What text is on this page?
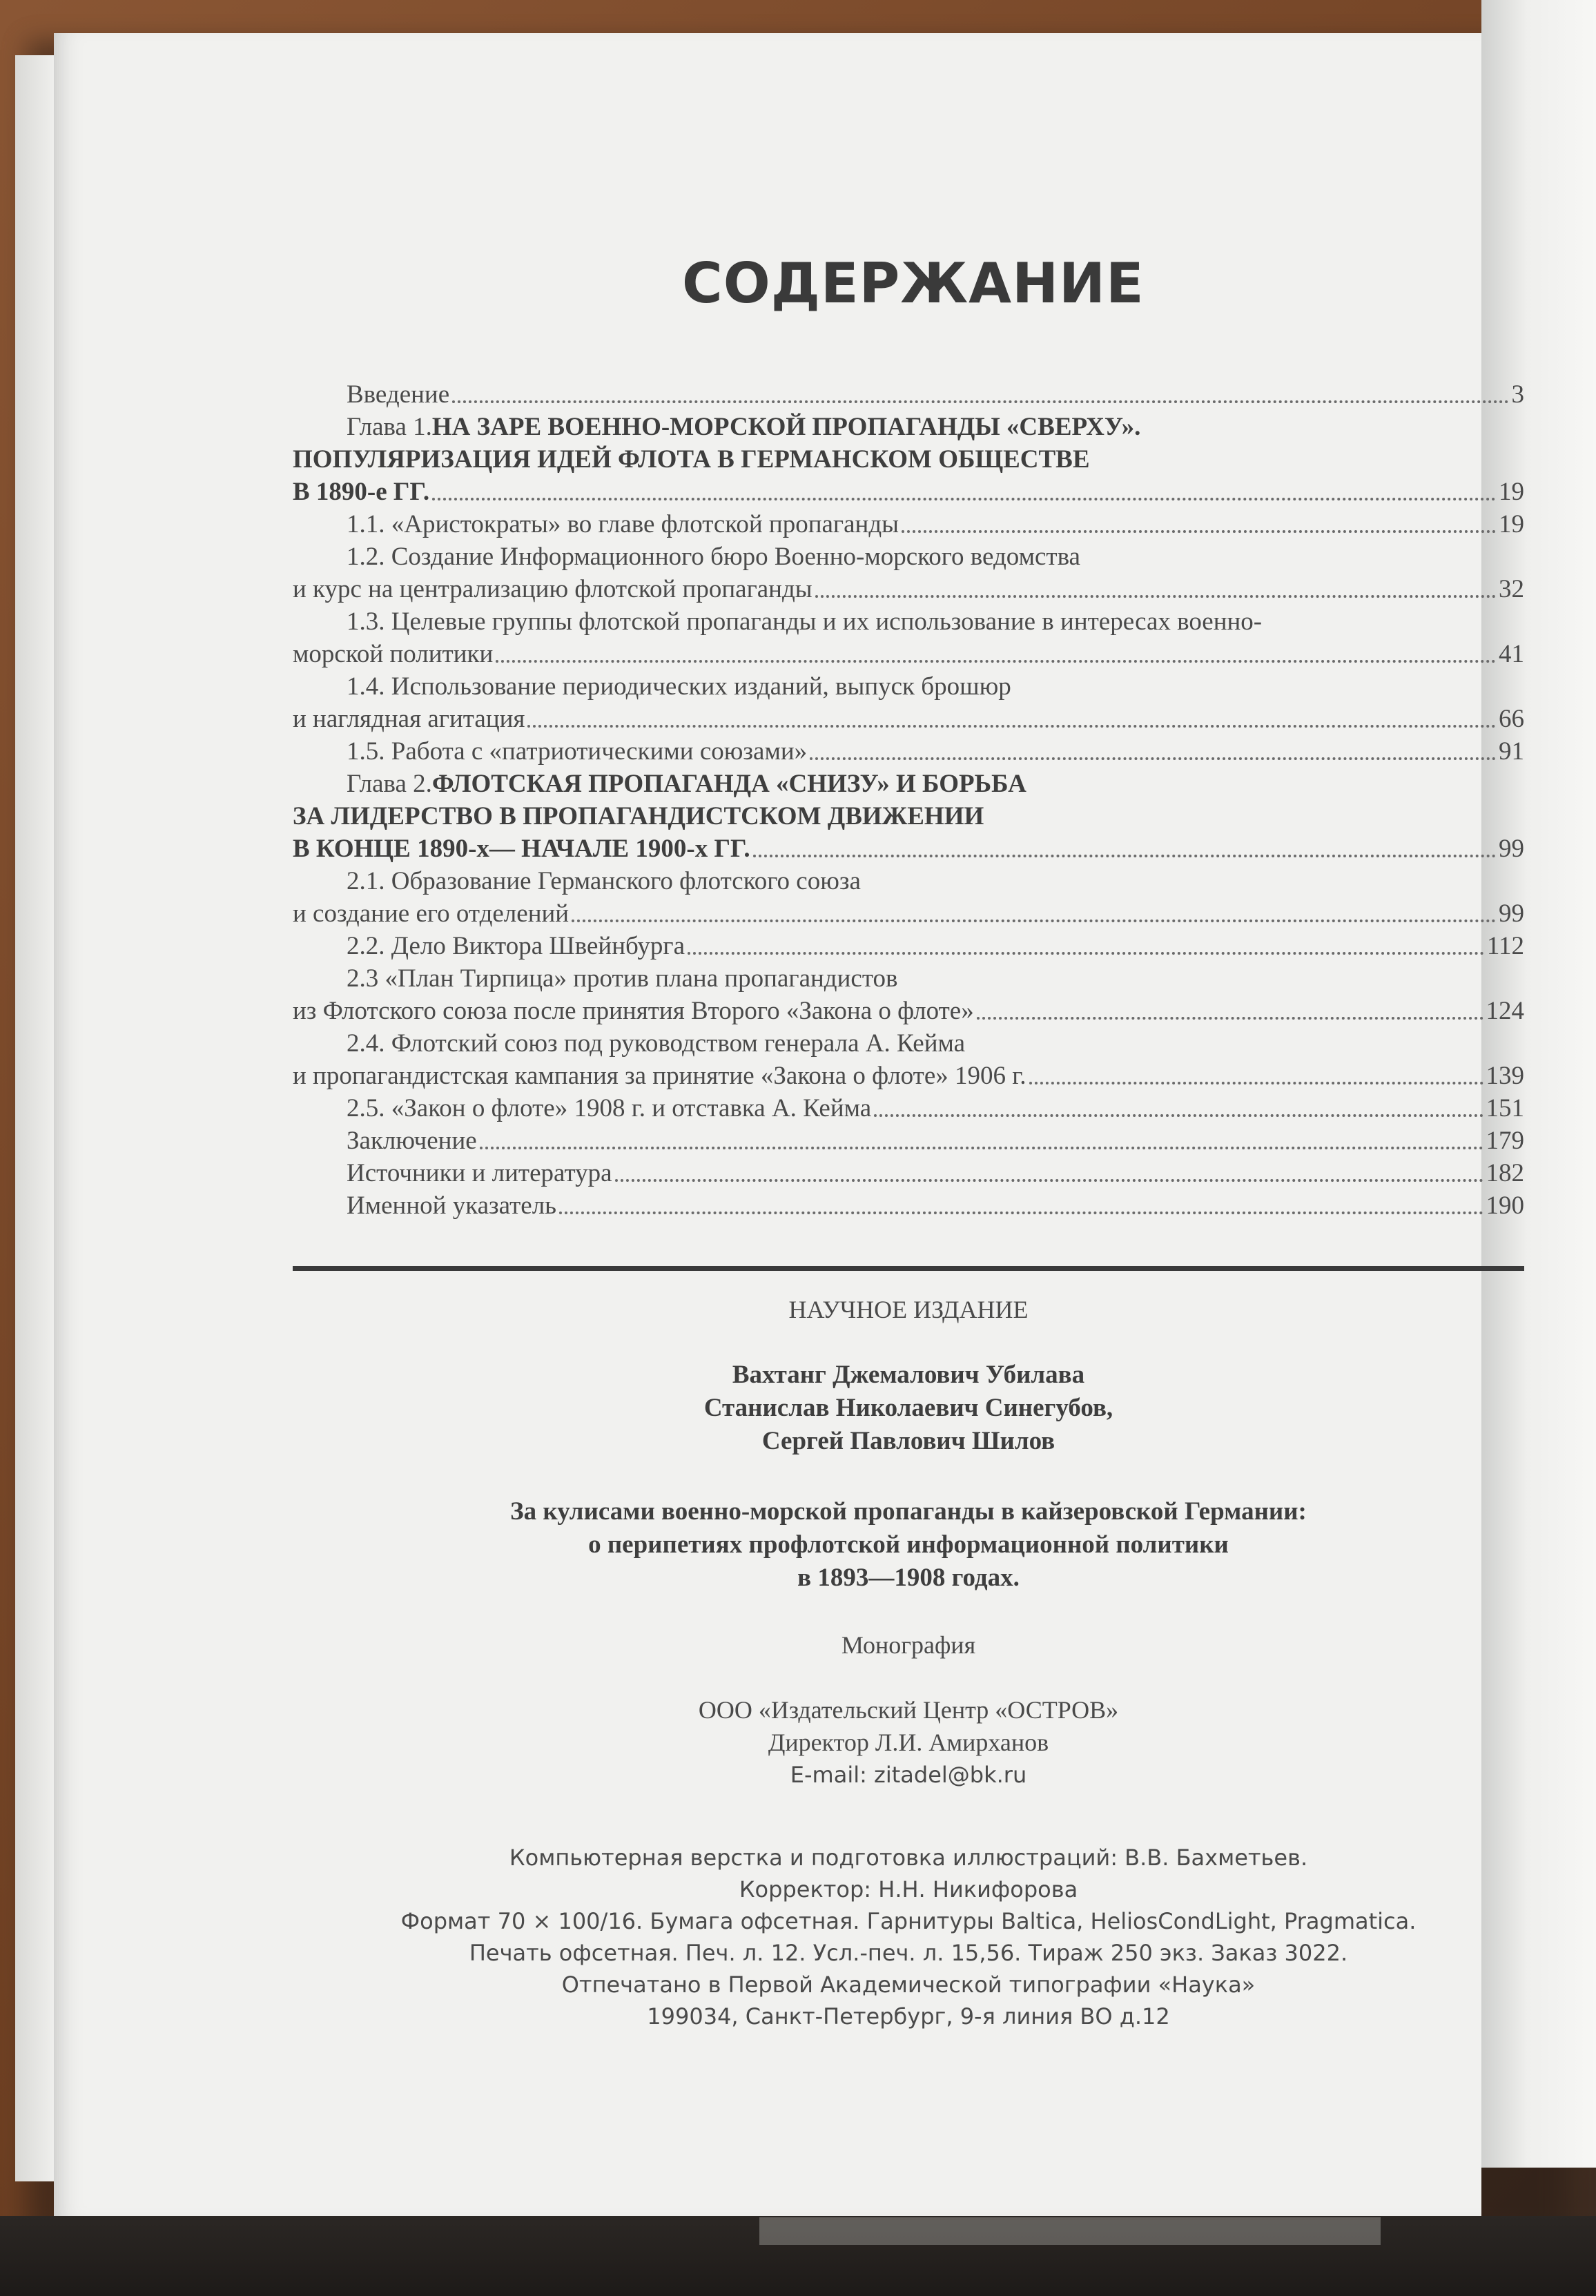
СОДЕРЖАНИЕ
Введение	3
Глава 1. НА ЗАРЕ ВОЕННО-МОРСКОЙ ПРОПАГАНДЫ «СВЕРХУ».
ПОПУЛЯРИЗАЦИЯ ИДЕЙ ФЛОТА В ГЕРМАНСКОМ ОБЩЕСТВЕ
В 1890-е ГГ.	19
1.1. «Аристократы» во главе флотской пропаганды	19
1.2. Создание Информационного бюро Военно-морского ведомства
и курс на централизацию флотской пропаганды	32
1.3. Целевые группы флотской пропаганды и их использование в интересах военно-
морской политики	41
1.4. Использование периодических изданий, выпуск брошюр
и наглядная агитация	66
1.5. Работа с «патриотическими союзами»	91
Глава 2. ФЛОТСКАЯ ПРОПАГАНДА «СНИЗУ» И БОРЬБА
ЗА ЛИДЕРСТВО В ПРОПАГАНДИСТСКОМ ДВИЖЕНИИ
В КОНЦЕ 1890-х— НАЧАЛЕ 1900-х ГГ.	99
2.1. Образование Германского флотского союза
и создание его отделений	99
2.2. Дело Виктора Швейнбурга	112
2.3 «План Тирпица» против плана пропагандистов
из Флотского союза после принятия Второго «Закона о флоте»	124
2.4. Флотский союз под руководством генерала А. Кейма
и пропагандистская кампания за принятие «Закона о флоте» 1906 г.	139
2.5. «Закон о флоте» 1908 г. и отставка А. Кейма	151
Заключение	179
Источники и литература	182
Именной указатель	190
НАУЧНОЕ ИЗДАНИЕ
Вахтанг Джемалович Убилава
Станислав Николаевич Синегубов,
Сергей Павлович Шилов
За кулисами военно-морской пропаганды в кайзеровской Германии:
о перипетиях профлотской информационной политики
в 1893—1908 годах.
Монография
ООО «Издательский Центр «ОСТРОВ»
Директор Л.И. Амирханов
E-mail: zitadel@bk.ru
Компьютерная верстка и подготовка иллюстраций: В.В. Бахметьев.
Корректор: Н.Н. Никифорова
Формат 70 × 100/16. Бумага офсетная. Гарнитуры Baltica, HeliosCondLight, Pragmatica.
Печать офсетная. Печ. л. 12. Усл.-печ. л. 15,56. Тираж 250 экз. Заказ 3022.
Отпечатано в Первой Академической типографии «Наука»
199034, Санкт-Петербург, 9-я линия ВО д.12
